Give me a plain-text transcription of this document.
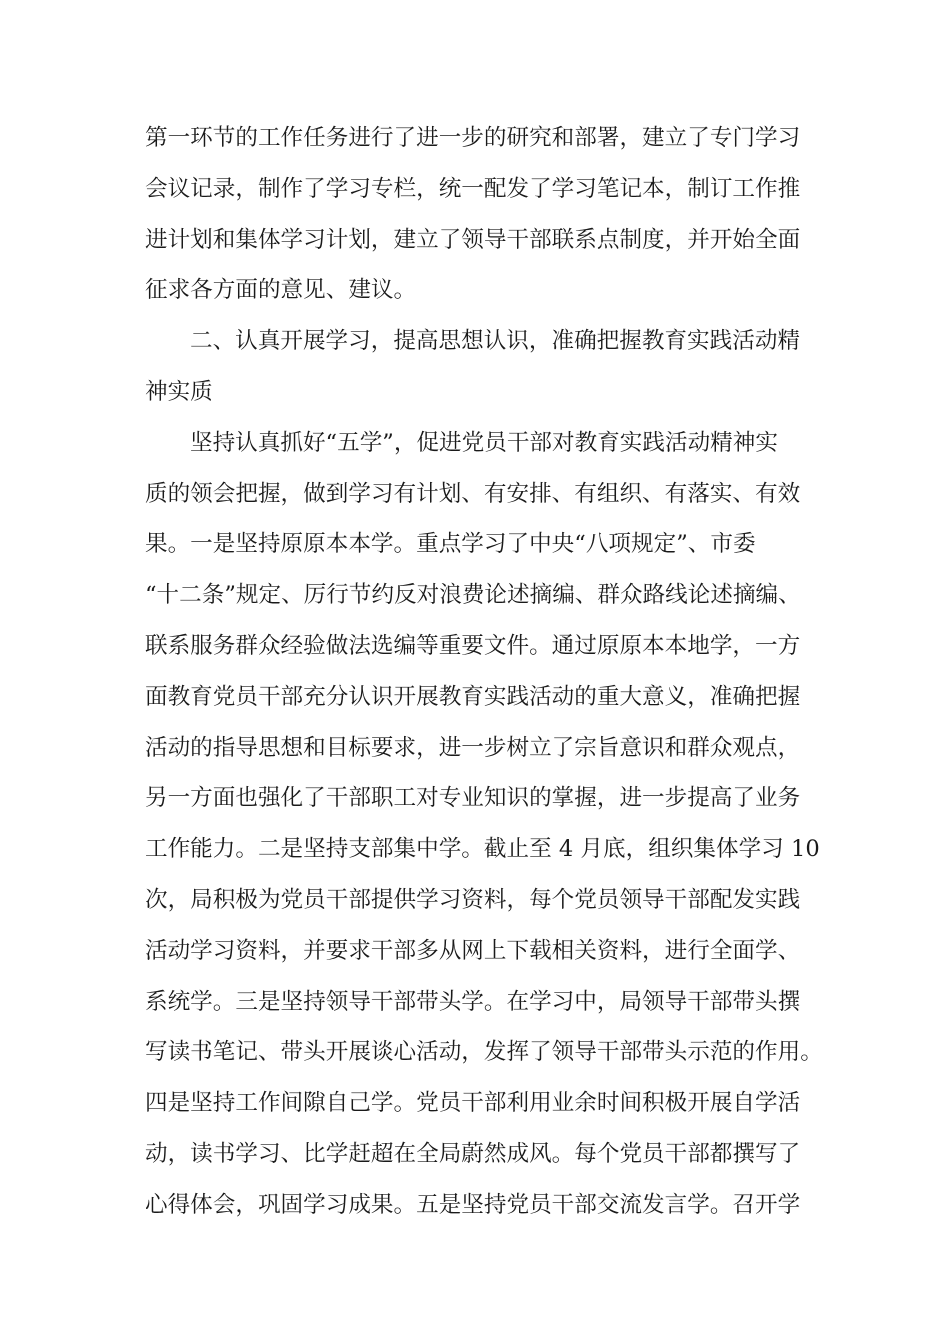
第一环节的工作任务进行了进一步的研究和部署，建立了专门学习
会议记录，制作了学习专栏，统一配发了学习笔记本，制订工作推
进计划和集体学习计划，建立了领导干部联系点制度，并开始全面
征求各方面的意见、建议。
二、认真开展学习，提高思想认识，准确把握教育实践活动精
神实质
坚持认真抓好“五学”，促进党员干部对教育实践活动精神实
质的领会把握，做到学习有计划、有安排、有组织、有落实、有效
果。一是坚持原原本本学。重点学习了中央“八项规定”、市委
“十二条”规定、厉行节约反对浪费论述摘编、群众路线论述摘编、
联系服务群众经验做法选编等重要文件。通过原原本本地学，一方
面教育党员干部充分认识开展教育实践活动的重大意义，准确把握
活动的指导思想和目标要求，进一步树立了宗旨意识和群众观点，
另一方面也强化了干部职工对专业知识的掌握，进一步提高了业务
工作能力。二是坚持支部集中学。截止至 4 月底，组织集体学习 10
次，局积极为党员干部提供学习资料，每个党员领导干部配发实践
活动学习资料，并要求干部多从网上下载相关资料，进行全面学、
系统学。三是坚持领导干部带头学。在学习中，局领导干部带头撰
写读书笔记、带头开展谈心活动，发挥了领导干部带头示范的作用。
四是坚持工作间隙自己学。党员干部利用业余时间积极开展自学活
动，读书学习、比学赶超在全局蔚然成风。每个党员干部都撰写了
心得体会，巩固学习成果。五是坚持党员干部交流发言学。召开学
